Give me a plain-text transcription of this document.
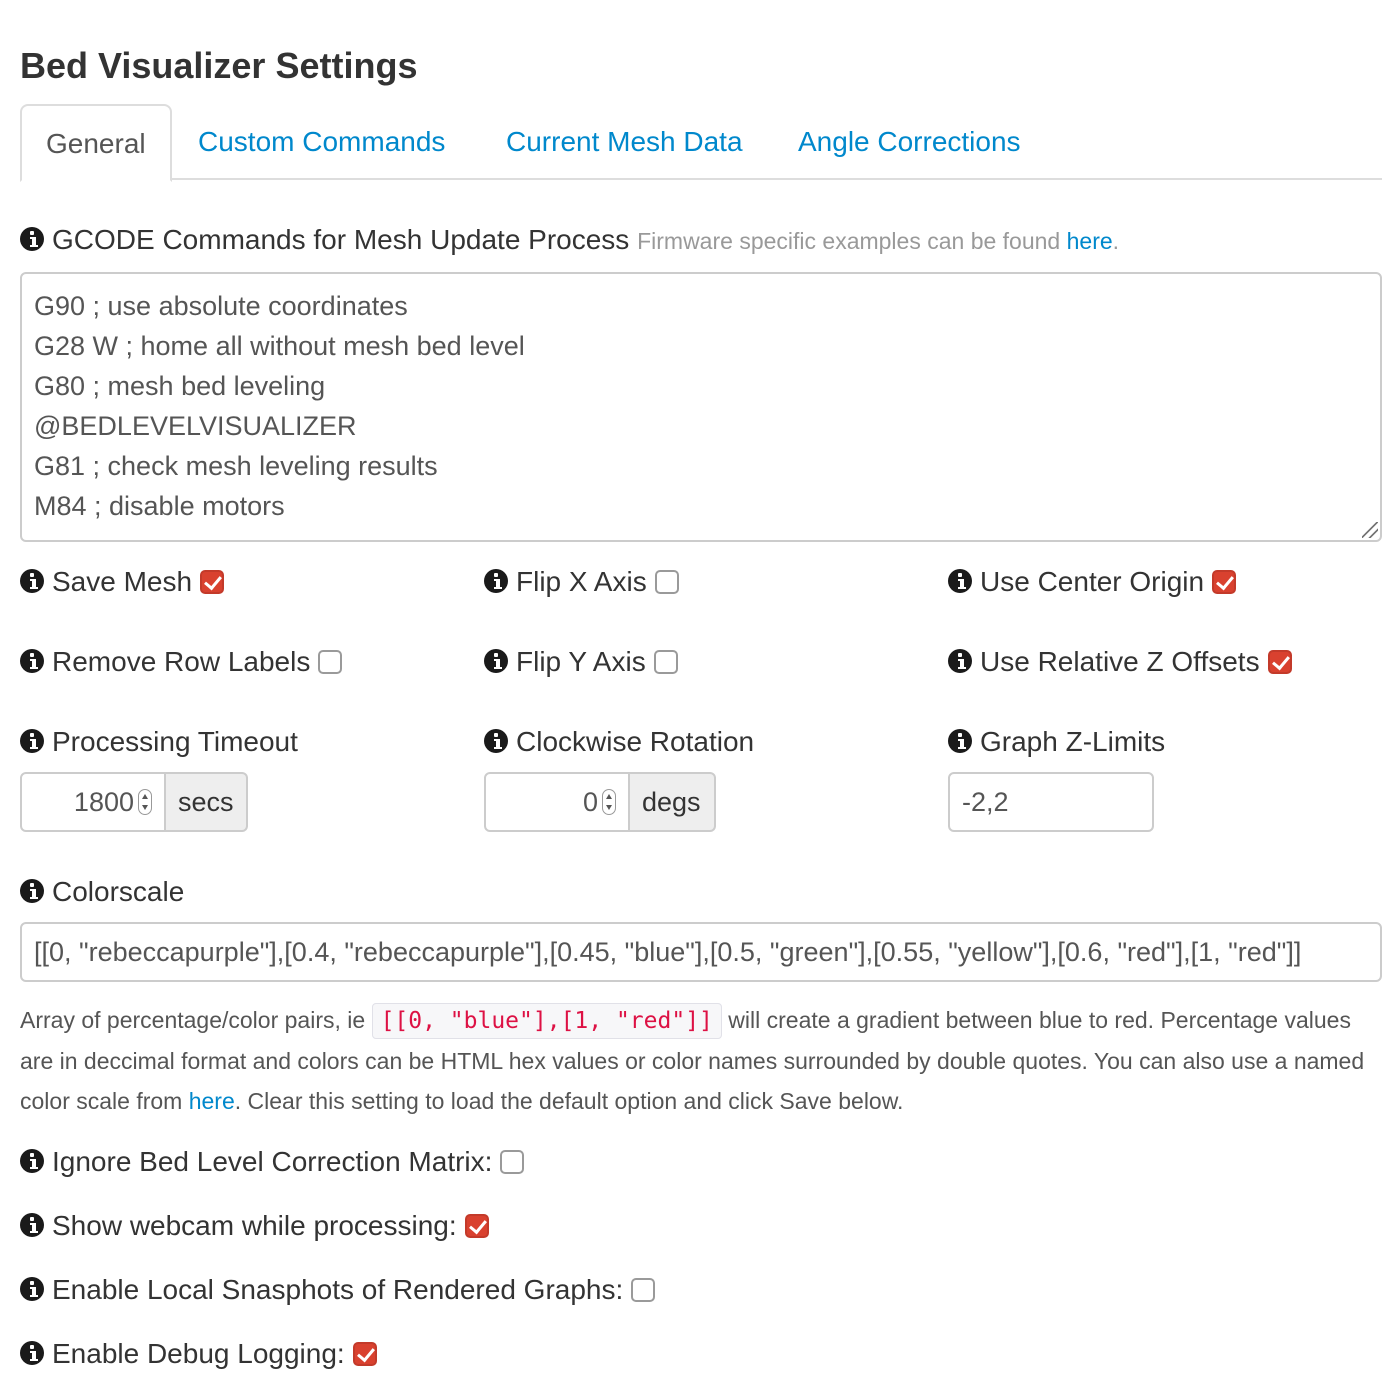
Bed Visualizer Settings
General	Custom Commands Current Mesh Data Angle Corrections
GCODE Commands for Mesh Update Process Firmware specific examples can be found here.
G90 ; use absolute coordinates
G28 W ; home all without mesh bed level
G80 ; mesh bed leveling
@BEDLEVELVISUALIZER
G81 ; check mesh leveling results
M84 ; disable motors
Save Mesh	Flip X Axis	Use Center Origin
Remove Row Labels	Flip Y Axis	Use Relative Z Offsets
Processing Timeout	Clockwise Rotation	Graph Z-Limits
1800	secs	0	degs	-2,2
Colorscale
[[0, "rebeccapurple"],[0.4, "rebeccapurple"],[0.45, "blue"],[0.5, "green"],[0.55, "yellow"],[0.6, "red"],[1, "red"]]
Array of percentage/color pairs, ie [[0, "blue"],[1, "red"]] will create a gradient between blue to red. Percentage values are in deccimal format and colors can be HTML hex values or color names surrounded by double quotes. You can also use a named color scale from here. Clear this setting to load the default option and click Save below.
Ignore Bed Level Correction Matrix:
Show webcam while processing:
Enable Local Snasphots of Rendered Graphs:
Enable Debug Logging:
